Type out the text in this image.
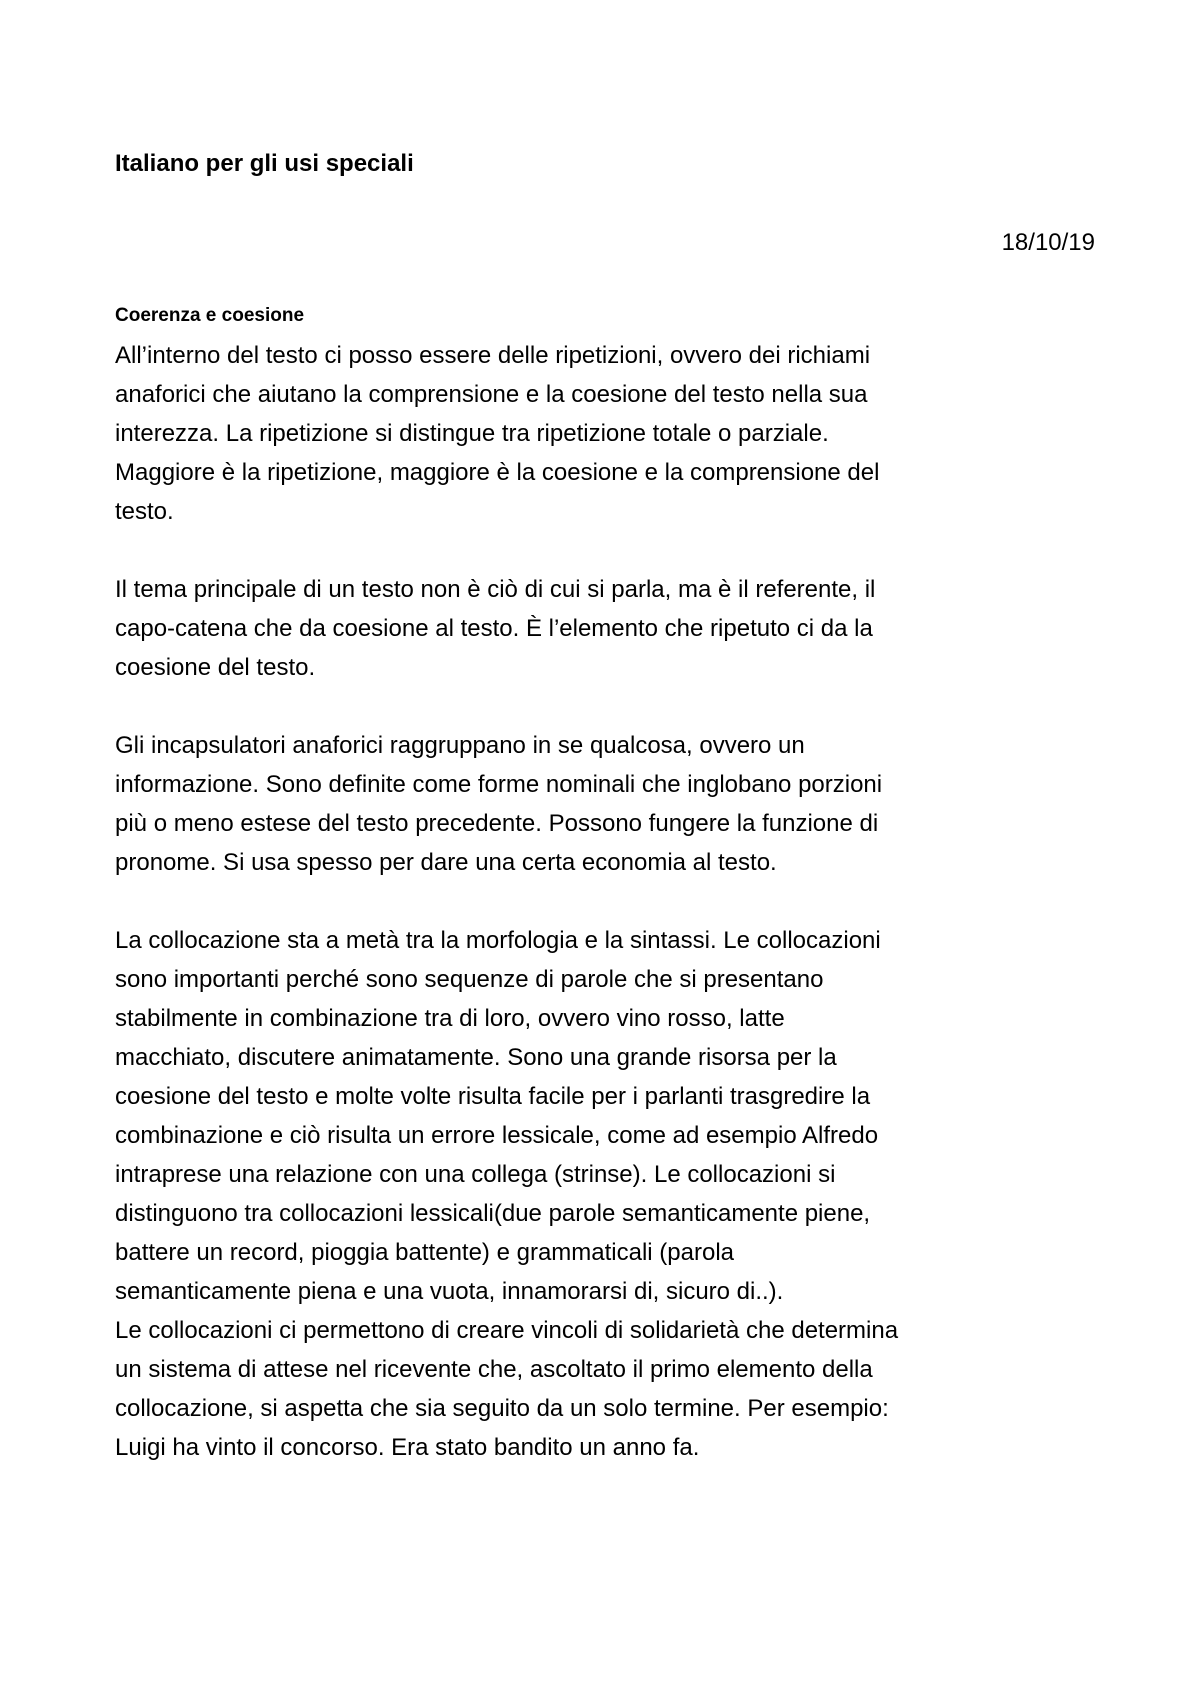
Italiano per gli usi speciali

18/10/19

Coerenza e coesione

All’interno del testo ci posso essere delle ripetizioni, ovvero dei richiami
anaforici che aiutano la comprensione e la coesione del testo nella sua
interezza. La ripetizione si distingue tra ripetizione totale o parziale.
Maggiore è la ripetizione, maggiore è la coesione e la comprensione del
testo.

Il tema principale di un testo non è ciò di cui si parla, ma è il referente, il
capo-catena che da coesione al testo. È l’elemento che ripetuto ci da la
coesione del testo.

Gli incapsulatori anaforici raggruppano in se qualcosa, ovvero un
informazione. Sono definite come forme nominali che inglobano porzioni
più o meno estese del testo precedente. Possono fungere la funzione di
pronome. Si usa spesso per dare una certa economia al testo.

La collocazione sta a metà tra la morfologia e la sintassi. Le collocazioni
sono importanti perché sono sequenze di parole che si presentano
stabilmente in combinazione tra di loro, ovvero vino rosso, latte
macchiato, discutere animatamente. Sono una grande risorsa per la
coesione del testo e molte volte risulta facile per i parlanti trasgredire la
combinazione e ciò risulta un errore lessicale, come ad esempio Alfredo
intraprese una relazione con una collega (strinse). Le collocazioni si
distinguono tra collocazioni lessicali(due parole semanticamente piene,
battere un record, pioggia battente) e grammaticali (parola
semanticamente piena e una vuota, innamorarsi di, sicuro di..).
Le collocazioni ci permettono di creare vincoli di solidarietà che determina
un sistema di attese nel ricevente che, ascoltato il primo elemento della
collocazione, si aspetta che sia seguito da un solo termine. Per esempio:
Luigi ha vinto il concorso. Era stato bandito un anno fa.
